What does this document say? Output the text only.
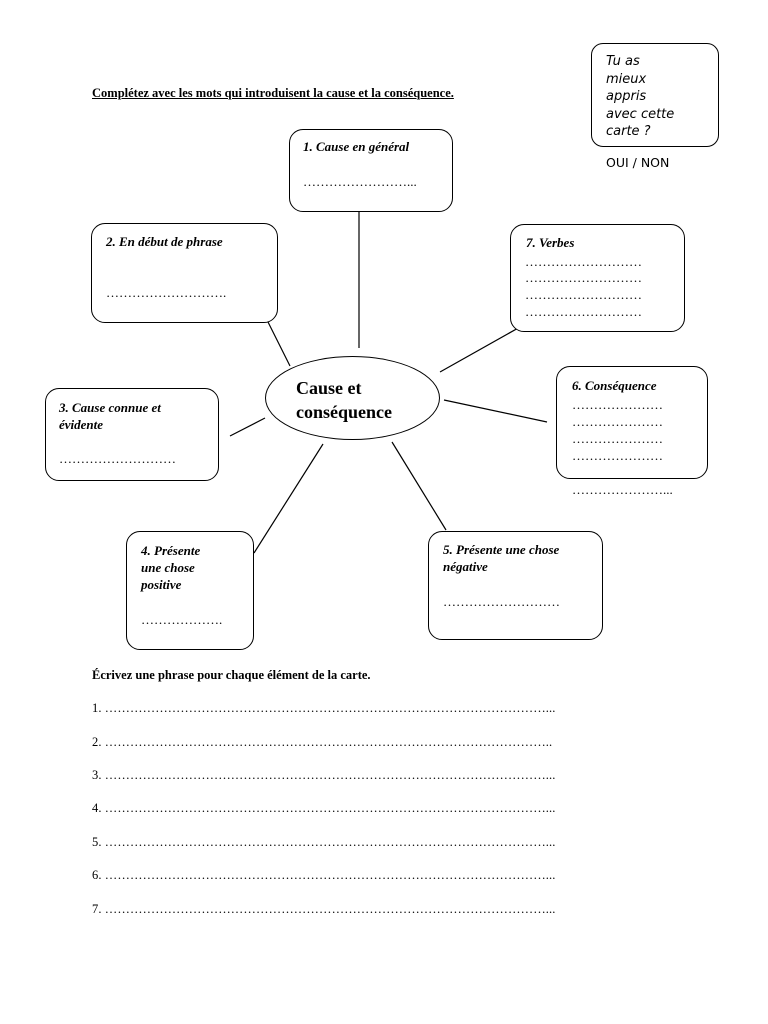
Complétez avec les mots qui introduisent la cause et la conséquence.
Tu as
mieux
appris
avec cette
carte ?
OUI / NON
1. Cause en général
……………………...
2. En début de phrase
……………………….
7. Verbes
………………………
………………………
………………………
………………………
Cause et
conséquence
6. Conséquence
…………………
…………………
…………………
…………………
…………………...
3. Cause connue et
évidente
………………………
4. Présente
une chose
positive
……………….
5. Présente une chose
négative
………………………
Écrivez une phrase pour chaque élément de la carte.
1. ……………………………………………………………………………………………...
2. ……………………………………………………………………………………………..
3. ……………………………………………………………………………………………...
4. ……………………………………………………………………………………………...
5. ……………………………………………………………………………………………...
6. ……………………………………………………………………………………………...
7. ……………………………………………………………………………………………...
